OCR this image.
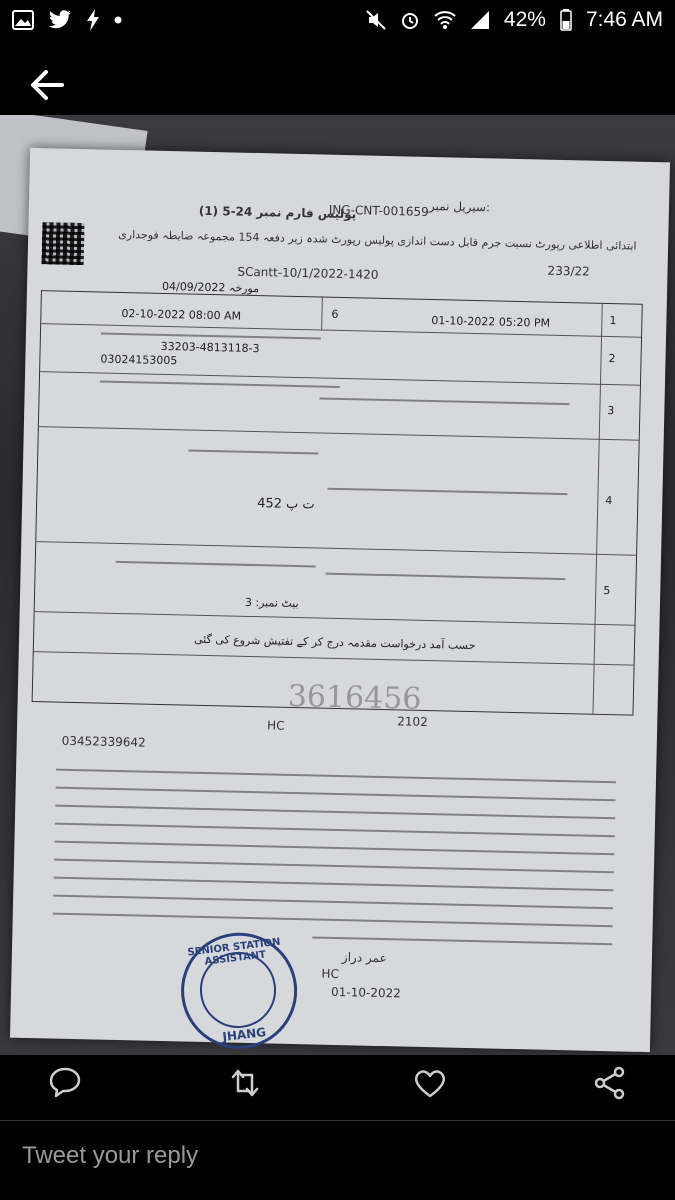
42% 7:46 AM
سیریل نمبر:
JNG-CNT-001659
پولیس فارم نمبر 24-5 (1)
ابتدائی اطلاعی رپورٹ نسبت جرم قابل دست اندازی پولیس رپورٹ شدہ زیر دفعہ 154 مجموعہ ضابطہ فوجداری
233/22
SCantt-10/1/2022-1420
1
2
3
4
5
6	01-10-2022 05:20 PM
02-10-2022 08:00 AM
مورخہ 04/09/2022
33203-4813118-3
03024153005
452 ت پ
بیٹ نمبر: 3
حسب آمد درخواست مقدمہ درج کر کے تفتیش شروع کی گئی
HC	2102
3616456
03452339642
SENIOR STATION ASSISTANT
JHANG
عمر دراز
HC
01-10-2022
Tweet your reply
